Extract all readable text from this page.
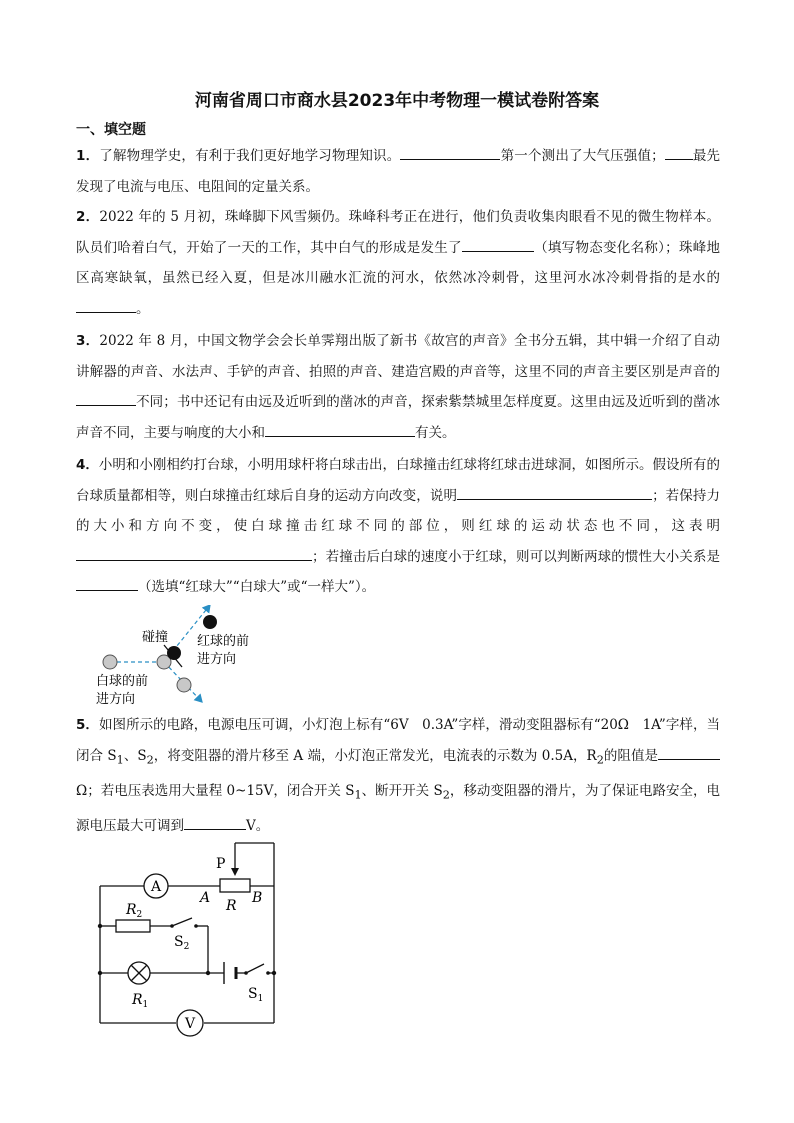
河南省周口市商水县2023年中考物理一模试卷附答案
一、填空题
1．了解物理学史，有利于我们更好地学习物理知识。	第一个测出了大气压强值； 最先发现了电流与电压、电阻间的定量关系。
2．2022 年的 5 月初，珠峰脚下风雪频仍。珠峰科考正在进行，他们负责收集肉眼看不见的微生物样本。队员们哈着白气，开始了一天的工作，其中白气的形成是发生了	（填写物态变化名称）；珠峰地区高寒缺氧，虽然已经入夏，但是冰川融水汇流的河水，依然冰冷刺骨，这里河水冰冷刺骨指的是水的。
3．2022 年 8 月，中国文物学会会长单霁翔出版了新书《故宫的声音》全书分五辑，其中辑一介绍了自动讲解器的声音、水法声、手铲的声音、拍照的声音、建造宫殿的声音等，这里不同的声音主要区别是声音的不同；书中还记有由远及近听到的凿冰的声音，探索紫禁城里怎样度夏。这里由远及近听到的凿冰声音不同，主要与响度的大小和	有关。
4．小明和小刚相约打台球，小明用球杆将白球击出，白球撞击红球将红球击进球洞，如图所示。假设所有的台球质量都相等，则白球撞击红球后自身的运动方向改变，说明	；若保持力的大小和方向不变，使白球撞击红球不同的部位，则红球的运动状态也不同，这表明；若撞击后白球的速度小于红球，则可以判断两球的惯性大小关系是（选填“红球大”“白球大”或“一样大”）。
碰撞 红球的前
进方向
白球的前
进方向
5．如图所示的电路，电源电压可调，小灯泡上标有“6V　0.3A”字样，滑动变阻器标有“20Ω　1A”字样，当闭合 $S_1$、$S_2$，将变阻器的滑片移至 A 端，小灯泡正常发光，电流表的示数为 0.5A，$R_2$的阻值是Ω；若电压表选用大量程 0~15V，闭合开关 $S_1$、断开开关 $S_2$，移动变阻器的滑片，为了保证电路安全，电源电压最大可调到	V。
A
P
A R B
$R_2$
$S_2$
$R_1$
$S_1$
V
